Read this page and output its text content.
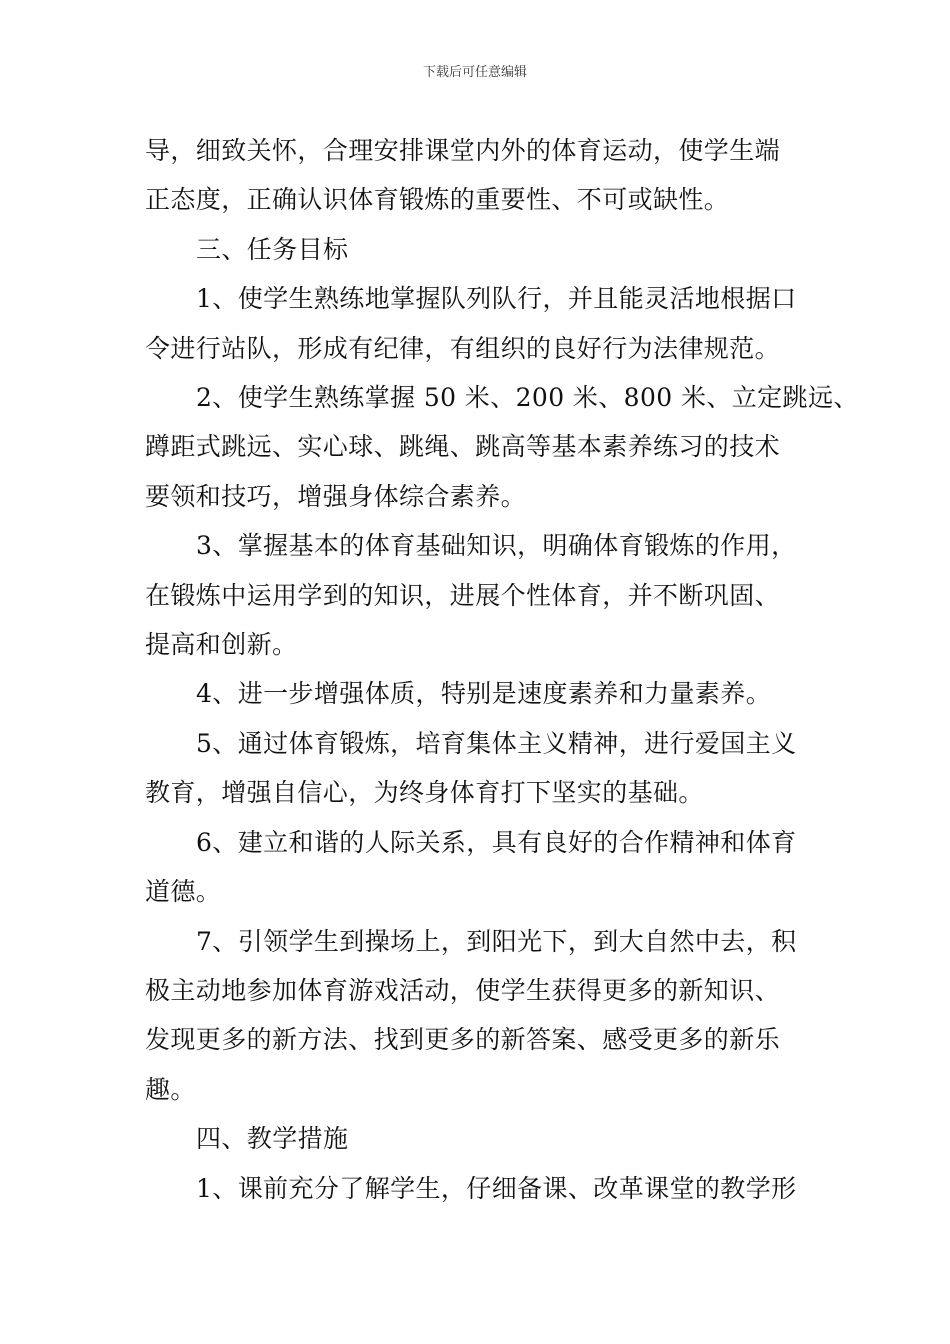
下载后可任意编辑
导，细致关怀，合理安排课堂内外的体育运动，使学生端
正态度，正确认识体育锻炼的重要性、不可或缺性。
三、任务目标
1、使学生熟练地掌握队列队行，并且能灵活地根据口
令进行站队，形成有纪律，有组织的良好行为法律规范。
2、使学生熟练掌握 50 米、200 米、800 米、立定跳远、
蹲距式跳远、实心球、跳绳、跳高等基本素养练习的技术
要领和技巧，增强身体综合素养。
3、掌握基本的体育基础知识，明确体育锻炼的作用，
在锻炼中运用学到的知识，进展个性体育，并不断巩固、
提高和创新。
4、进一步增强体质，特别是速度素养和力量素养。
5、通过体育锻炼，培育集体主义精神，进行爱国主义
教育，增强自信心，为终身体育打下坚实的基础。
6、建立和谐的人际关系，具有良好的合作精神和体育
道德。
7、引领学生到操场上，到阳光下，到大自然中去，积
极主动地参加体育游戏活动，使学生获得更多的新知识、
发现更多的新方法、找到更多的新答案、感受更多的新乐
趣。
四、教学措施
1、课前充分了解学生，仔细备课、改革课堂的教学形
